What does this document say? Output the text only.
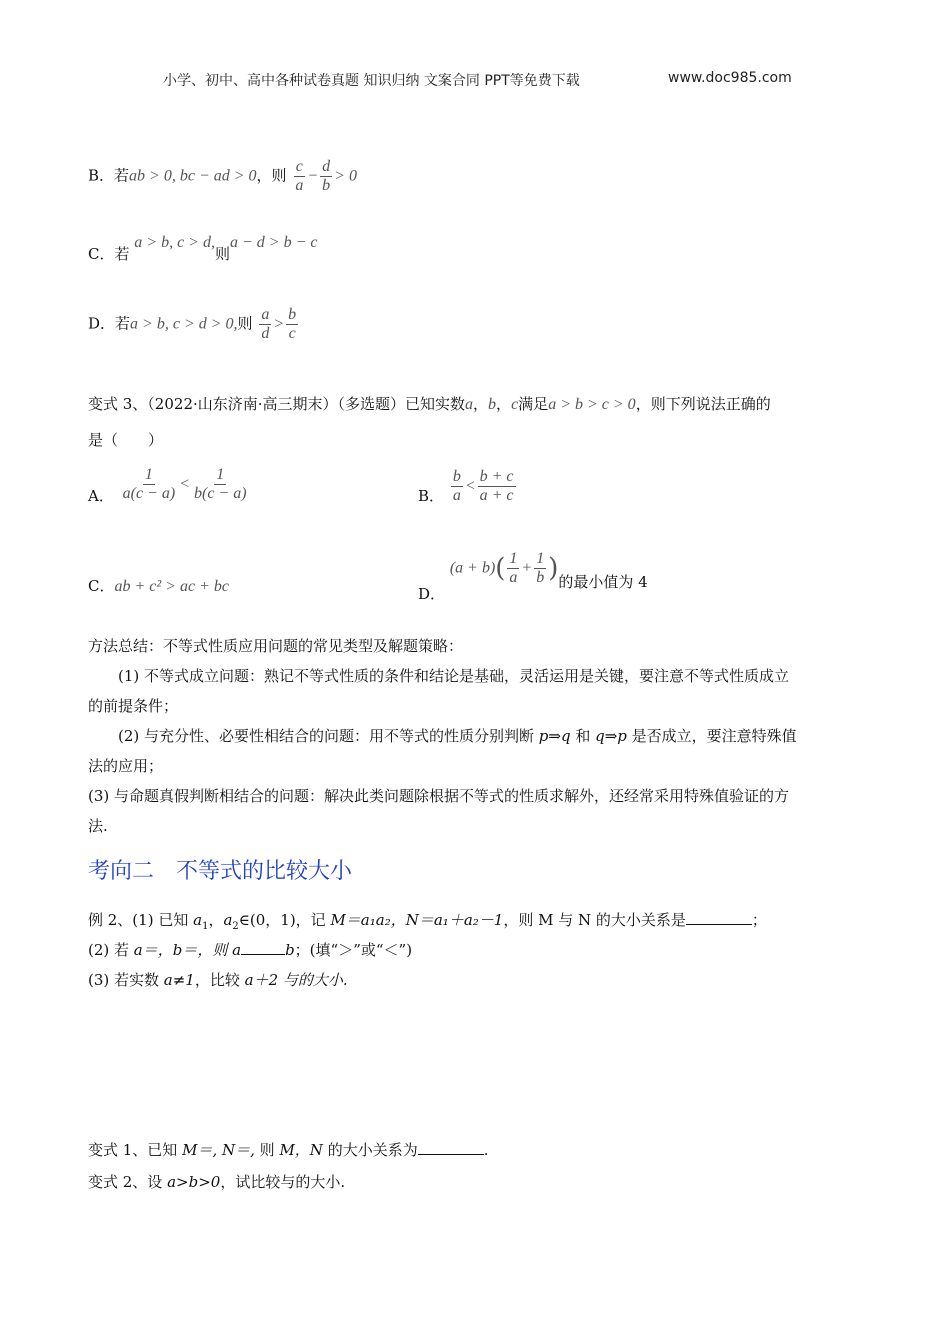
小学、初中、高中各种试卷真题 知识归纳 文案合同 PPT等免费下载	www.doc985.com
B．若ab > 0, bc − ad > 0，则 $\frac{c}{a} - \frac{d}{b} > 0$
C．若 a > b, c > d,则a − d > b − c
D．若a > b, c > d > 0,则 $\frac{a}{d} > \frac{b}{c}$
变式 3、（2022·山东济南·高三期末）（多选题）已知实数a，b，c满足a > b > c > 0，则下列说法正确的
是（　　）
A． $\frac{1}{a(c - a)} < \frac{1}{b(c - a)}$	B． $\frac{b}{a} < \frac{b + c}{a + c}$
C．ab + c² > ac + bc	D． $(a + b)( \frac{1}{a} + \frac{1}{b}$ )的最小值为 4
方法总结：不等式性质应用问题的常见类型及解题策略：
(1) 不等式成立问题：熟记不等式性质的条件和结论是基础，灵活运用是关键，要注意不等式性质成立
的前提条件；
(2) 与充分性、必要性相结合的问题：用不等式的性质分别判断 p⇒q 和 q⇒p 是否成立，要注意特殊值
法的应用；
(3) 与命题真假判断相结合的问题：解决此类问题除根据不等式的性质求解外，还经常采用特殊值验证的方
法.
考向二　不等式的比较大小
例 2、(1) 已知 $a_1$，$a_2\in(0$，1)，记 M＝a₁a₂，N＝a₁＋a₂－1，则 M 与 N 的大小关系是	；
(2) 若 a＝，b＝，则 a	b；(填“＞”或“＜”)
(3) 若实数 a≠1，比较 a＋2 与的大小.
变式 1、已知 M＝, N＝, 则 M，N 的大小关系为	.
变式 2、设 a>b>0，试比较与的大小.
